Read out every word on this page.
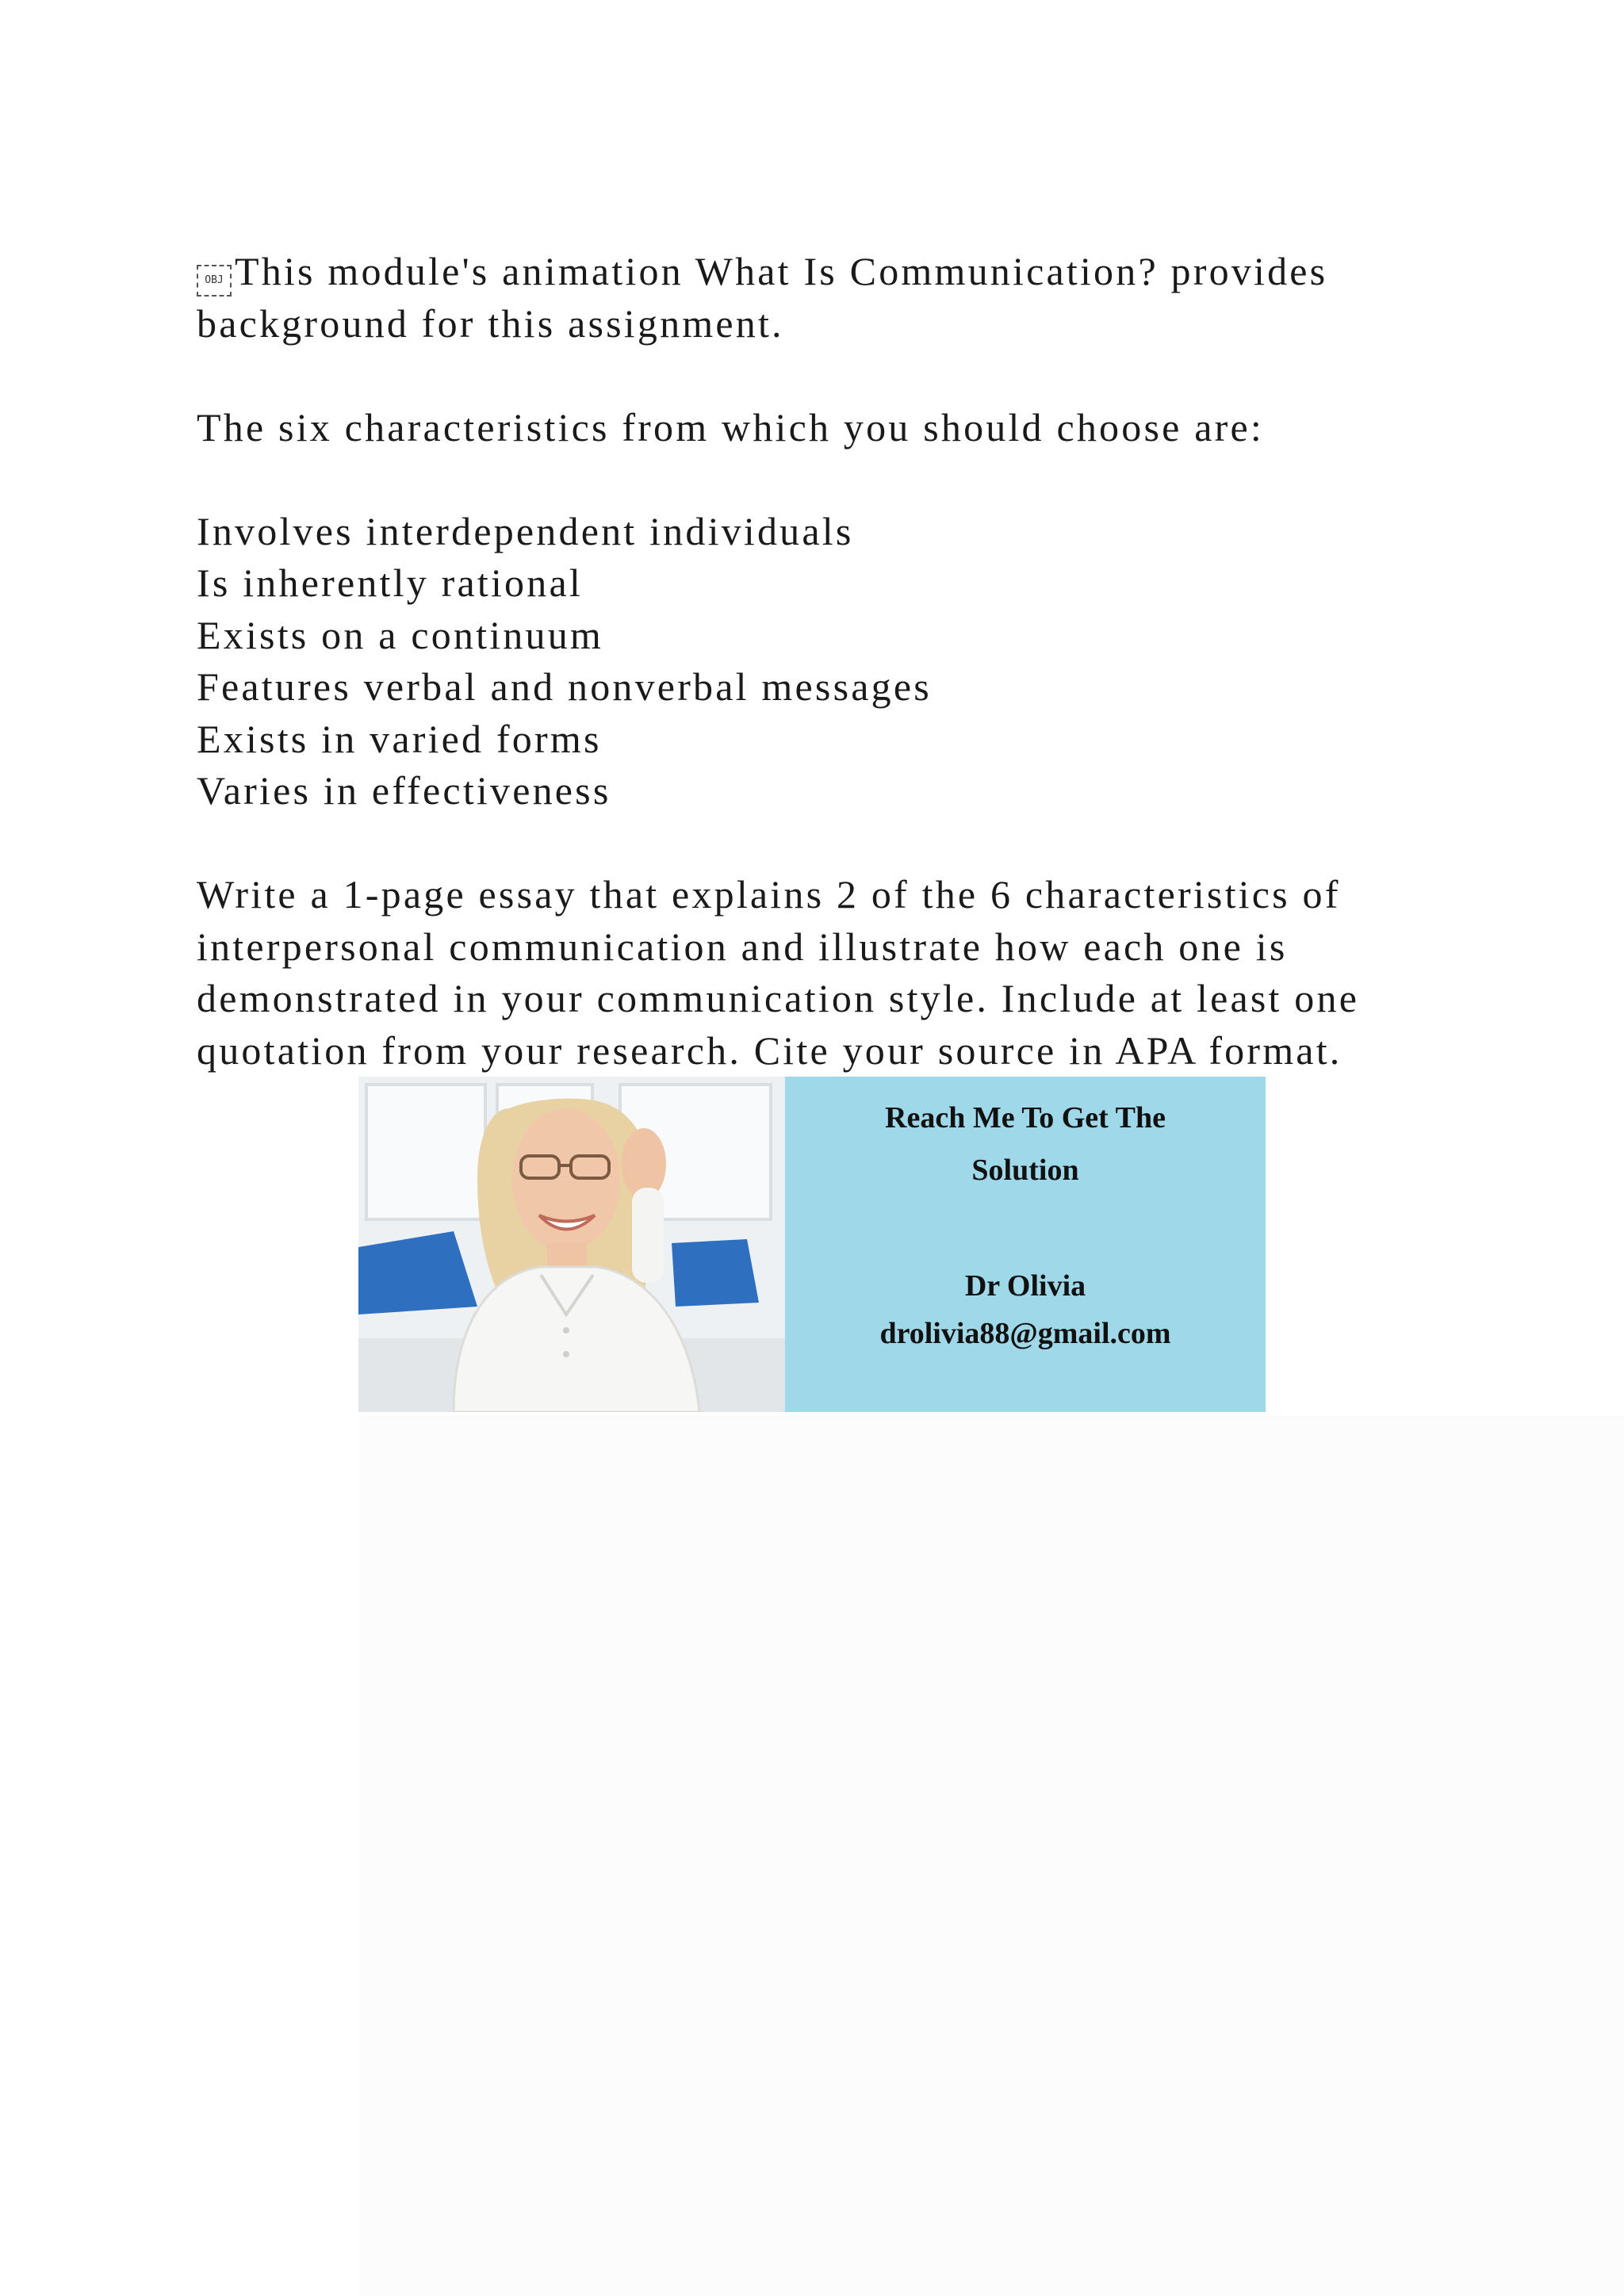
OBJ This module's animation What Is Communication? provides
background for this assignment.
The six characteristics from which you should choose are:
Involves interdependent individuals
Is inherently rational
Exists on a continuum
Features verbal and nonverbal messages
Exists in varied forms
Varies in effectiveness
Write a 1-page essay that explains 2 of the 6 characteristics of
interpersonal communication and illustrate how each one is
demonstrated in your communication style. Include at least one
quotation from your research. Cite your source in APA format.
Reach Me To Get The
Solution
Dr Olivia
drolivia88@gmail.com
